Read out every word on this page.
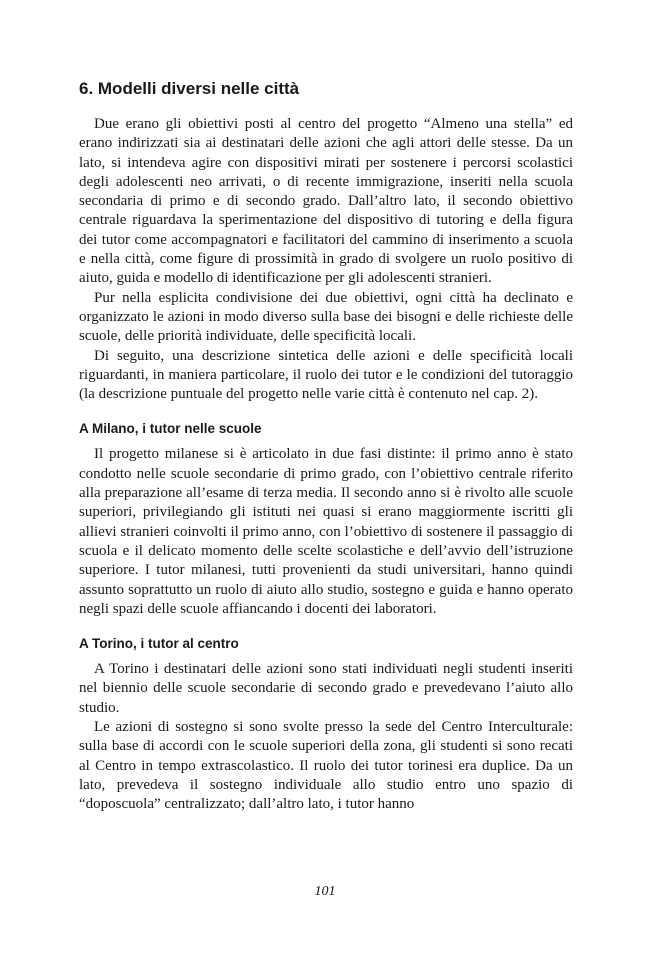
6. Modelli diversi nelle città

Due erano gli obiettivi posti al centro del progetto “Almeno una stella” ed erano indirizzati sia ai destinatari delle azioni che agli attori delle stesse. Da un lato, si intendeva agire con dispositivi mirati per sostenere i percorsi scolastici degli adolescenti neo arrivati, o di recente immigrazione, inseriti nella scuola secondaria di primo e di secondo grado. Dall’altro lato, il secondo obiettivo centrale riguardava la sperimentazione del dispositivo di tutoring e della figura dei tutor come accompagnatori e facilitatori del cammino di inserimento a scuola e nella città, come figure di prossimità in grado di svolgere un ruolo positivo di aiuto, guida e modello di identificazione per gli adolescenti stranieri.

Pur nella esplicita condivisione dei due obiettivi, ogni città ha declinato e organizzato le azioni in modo diverso sulla base dei bisogni e delle richieste delle scuole, delle priorità individuate, delle specificità locali.

Di seguito, una descrizione sintetica delle azioni e delle specificità locali riguardanti, in maniera particolare, il ruolo dei tutor e le condizioni del tutoraggio (la descrizione puntuale del progetto nelle varie città è contenuto nel cap. 2).

A Milano, i tutor nelle scuole

Il progetto milanese si è articolato in due fasi distinte: il primo anno è stato condotto nelle scuole secondarie di primo grado, con l’obiettivo centrale riferito alla preparazione all’esame di terza media. Il secondo anno si è rivolto alle scuole superiori, privilegiando gli istituti nei quasi si erano maggiormente iscritti gli allievi stranieri coinvolti il primo anno, con l’obiettivo di sostenere il passaggio di scuola e il delicato momento delle scelte scolastiche e dell’avvio dell’istruzione superiore. I tutor milanesi, tutti provenienti da studi universitari, hanno quindi assunto soprattutto un ruolo di aiuto allo studio, sostegno e guida e hanno operato negli spazi delle scuole affiancando i docenti dei laboratori.

A Torino, i tutor al centro

A Torino i destinatari delle azioni sono stati individuati negli studenti inseriti nel biennio delle scuole secondarie di secondo grado e prevedevano l’aiuto allo studio.

Le azioni di sostegno si sono svolte presso la sede del Centro Interculturale: sulla base di accordi con le scuole superiori della zona, gli studenti si sono recati al Centro in tempo extrascolastico. Il ruolo dei tutor torinesi era duplice. Da un lato, prevedeva il sostegno individuale allo studio entro uno spazio di “doposcuola” centralizzato; dall’altro lato, i tutor hanno

101
